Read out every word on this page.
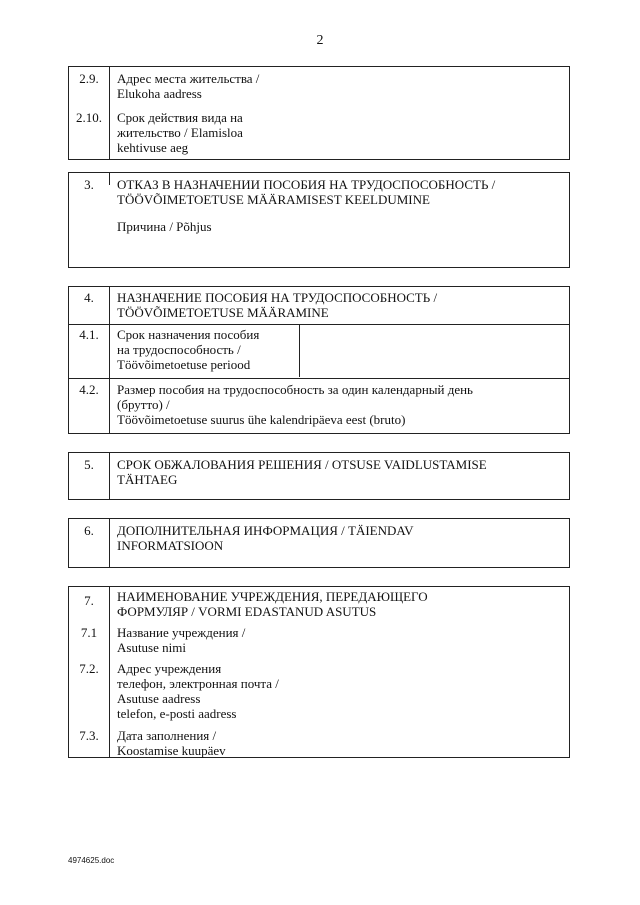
2
2.9.	Адрес места жительства /
Elukoha aadress
2.10.	Срок действия вида на
жительство / Elamisloa
kehtivuse aeg
3.	ОТКАЗ В НАЗНАЧЕНИИ ПОСОБИЯ НА ТРУДОСПОСОБНОСТЬ /
TÖÖVÕIMETOETUSE MÄÄRAMISEST KEELDUMINE
Причина / Põhjus
4.	НАЗНАЧЕНИЕ ПОСОБИЯ НА ТРУДОСПОСОБНОСТЬ /
TÖÖVÕIMETOETUSE MÄÄRAMINE
4.1.	Срок назначения пособия
на трудоспособность /
Töövõimetoetuse periood
4.2.	Размер пособия на трудоспособность за один календарный день
(брутто) /
Töövõimetoetuse suurus ühe kalendripäeva eest (bruto)
5.	СРОК ОБЖАЛОВАНИЯ РЕШЕНИЯ / OTSUSE VAIDLUSTAMISE
TÄHTAEG
6.	ДОПОЛНИТЕЛЬНАЯ ИНФОРМАЦИЯ / TÄIENDAV
INFORMATSIOON
7.	НАИМЕНОВАНИЕ УЧРЕЖДЕНИЯ, ПЕРЕДАЮЩЕГО
ФОРМУЛЯР / VORMI EDASTANUD ASUTUS
7.1	Название учреждения /
Asutuse nimi
7.2.	Адрес учреждения
телефон, электронная почта /
Asutuse aadress
telefon, e-posti aadress
7.3.	Дата заполнения /
Koostamise kuupäev
4974625.doc
